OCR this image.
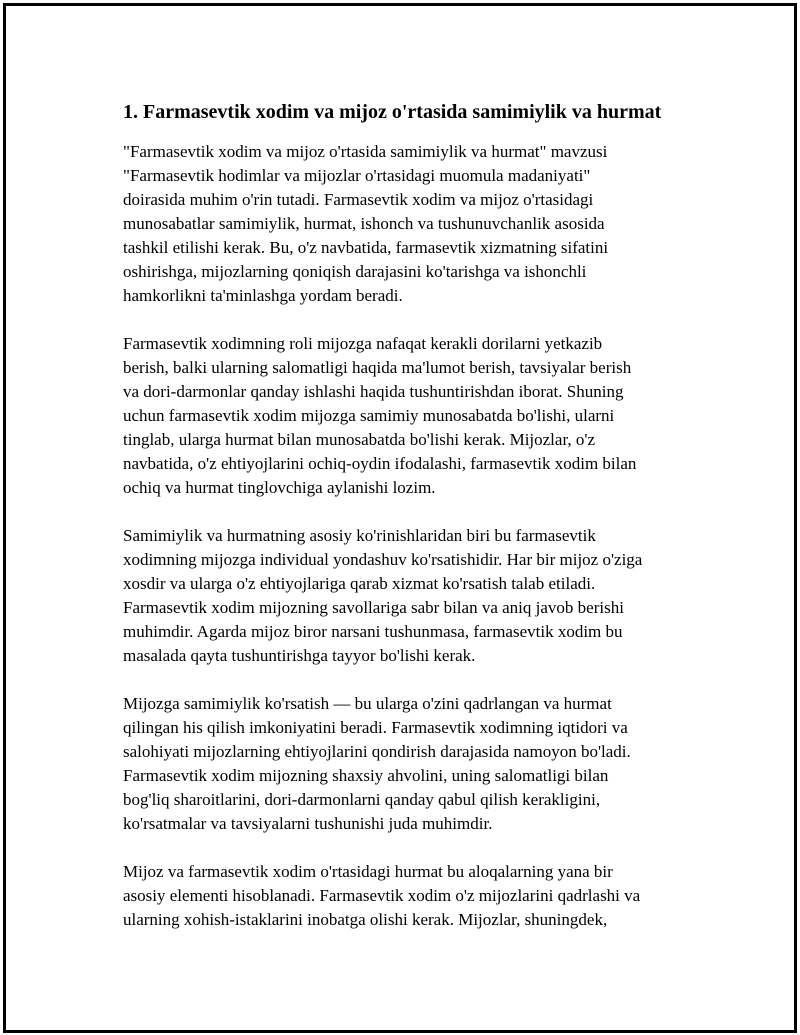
1. Farmasevtik xodim va mijoz o'rtasida samimiylik va hurmat

"Farmasevtik xodim va mijoz o'rtasida samimiylik va hurmat" mavzusi
"Farmasevtik hodimlar va mijozlar o'rtasidagi muomula madaniyati"
doirasida muhim o'rin tutadi. Farmasevtik xodim va mijoz o'rtasidagi
munosabatlar samimiylik, hurmat, ishonch va tushunuvchanlik asosida
tashkil etilishi kerak. Bu, o'z navbatida, farmasevtik xizmatning sifatini
oshirishga, mijozlarning qoniqish darajasini ko'tarishga va ishonchli
hamkorlikni ta'minlashga yordam beradi.

Farmasevtik xodimning roli mijozga nafaqat kerakli dorilarni yetkazib
berish, balki ularning salomatligi haqida ma'lumot berish, tavsiyalar berish
va dori-darmonlar qanday ishlashi haqida tushuntirishdan iborat. Shuning
uchun farmasevtik xodim mijozga samimiy munosabatda bo'lishi, ularni
tinglab, ularga hurmat bilan munosabatda bo'lishi kerak. Mijozlar, o'z
navbatida, o'z ehtiyojlarini ochiq-oydin ifodalashi, farmasevtik xodim bilan
ochiq va hurmat tinglovchiga aylanishi lozim.

Samimiylik va hurmatning asosiy ko'rinishlaridan biri bu farmasevtik
xodimning mijozga individual yondashuv ko'rsatishidir. Har bir mijoz o'ziga
xosdir va ularga o'z ehtiyojlariga qarab xizmat ko'rsatish talab etiladi.
Farmasevtik xodim mijozning savollariga sabr bilan va aniq javob berishi
muhimdir. Agarda mijoz biror narsani tushunmasa, farmasevtik xodim bu
masalada qayta tushuntirishga tayyor bo'lishi kerak.

Mijozga samimiylik ko'rsatish — bu ularga o'zini qadrlangan va hurmat
qilingan his qilish imkoniyatini beradi. Farmasevtik xodimning iqtidori va
salohiyati mijozlarning ehtiyojlarini qondirish darajasida namoyon bo'ladi.
Farmasevtik xodim mijozning shaxsiy ahvolini, uning salomatligi bilan
bog'liq sharoitlarini, dori-darmonlarni qanday qabul qilish kerakligini,
ko'rsatmalar va tavsiyalarni tushunishi juda muhimdir.

Mijoz va farmasevtik xodim o'rtasidagi hurmat bu aloqalarning yana bir
asosiy elementi hisoblanadi. Farmasevtik xodim o'z mijozlarini qadrlashi va
ularning xohish-istaklarini inobatga olishi kerak. Mijozlar, shuningdek,
